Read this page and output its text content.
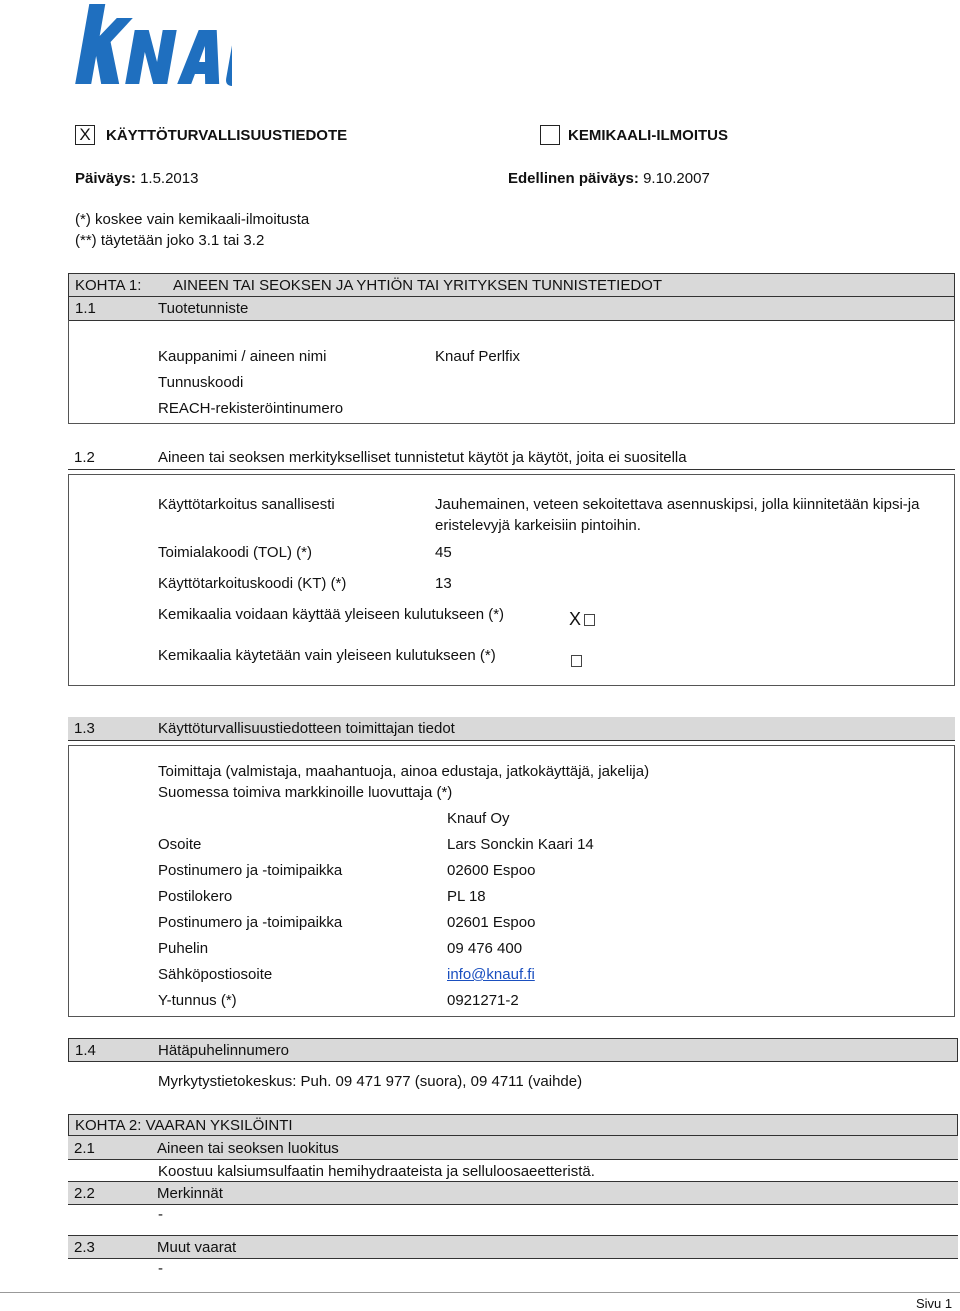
X KÄYTTÖTURVALLISUUSTIEDOTE	KEMIKAALI-ILMOITUS
Päiväys: 1.5.2013	Edellinen päiväys: 9.10.2007
(*) koskee vain kemikaali-ilmoitusta
(**) täytetään joko 3.1 tai 3.2
KOHTA 1: AINEEN TAI SEOKSEN JA YHTIÖN TAI YRITYKSEN TUNNISTETIEDOT
1.1	Tuotetunniste
Kauppanimi / aineen nimi	Knauf Perlfix
Tunnuskoodi
REACH-rekisteröintinumero
1.2	Aineen tai seoksen merkitykselliset tunnistetut käytöt ja käytöt, joita ei suositella
Käyttötarkoitus sanallisesti	Jauhemainen, veteen sekoitettava asennuskipsi, jolla kiinnitetään kipsi-ja
eristelevyjä karkeisiin pintoihin.
Toimialakoodi (TOL) (*)	45
Käyttötarkoituskoodi (KT) (*)	13
Kemikaalia voidaan käyttää yleiseen kulutukseen (*)	X
Kemikaalia käytetään vain yleiseen kulutukseen (*)
1.3	Käyttöturvallisuustiedotteen toimittajan tiedot
Toimittaja (valmistaja, maahantuoja, ainoa edustaja, jatkokäyttäjä, jakelija)
Suomessa toimiva markkinoille luovuttaja (*)
Knauf Oy
Osoite	Lars Sonckin Kaari 14
Postinumero ja -toimipaikka	02600 Espoo
Postilokero	PL 18
Postinumero ja -toimipaikka	02601 Espoo
Puhelin	09 476 400
Sähköpostiosoite	info@knauf.fi
Y-tunnus (*)	0921271-2
1.4	Hätäpuhelinnumero
Myrkytystietokeskus: Puh. 09 471 977 (suora), 09 4711 (vaihde)
KOHTA 2: VAARAN YKSILÖINTI
2.1	Aineen tai seoksen luokitus
Koostuu kalsiumsulfaatin hemihydraateista ja selluloosaeetteristä.
2.2	Merkinnät
-
2.3	Muut vaarat
-
Sivu 1
